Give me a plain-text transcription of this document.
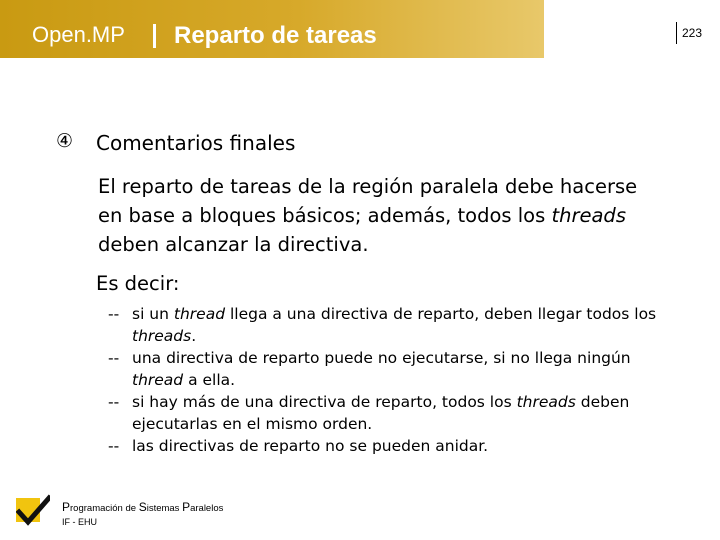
Open.MP Reparto de tareas	223
④ Comentarios finales
El reparto de tareas de la región paralela debe hacerse en base a bloques básicos; además, todos los threads deben alcanzar la directiva.
Es decir:
-- si un thread llega a una directiva de reparto, deben llegar todos los threads.
-- una directiva de reparto puede no ejecutarse, si no llega ningún thread a ella.
-- si hay más de una directiva de reparto, todos los threads deben ejecutarlas en el mismo orden.
-- las directivas de reparto no se pueden anidar.
Programación de Sistemas Paralelos
IF - EHU
